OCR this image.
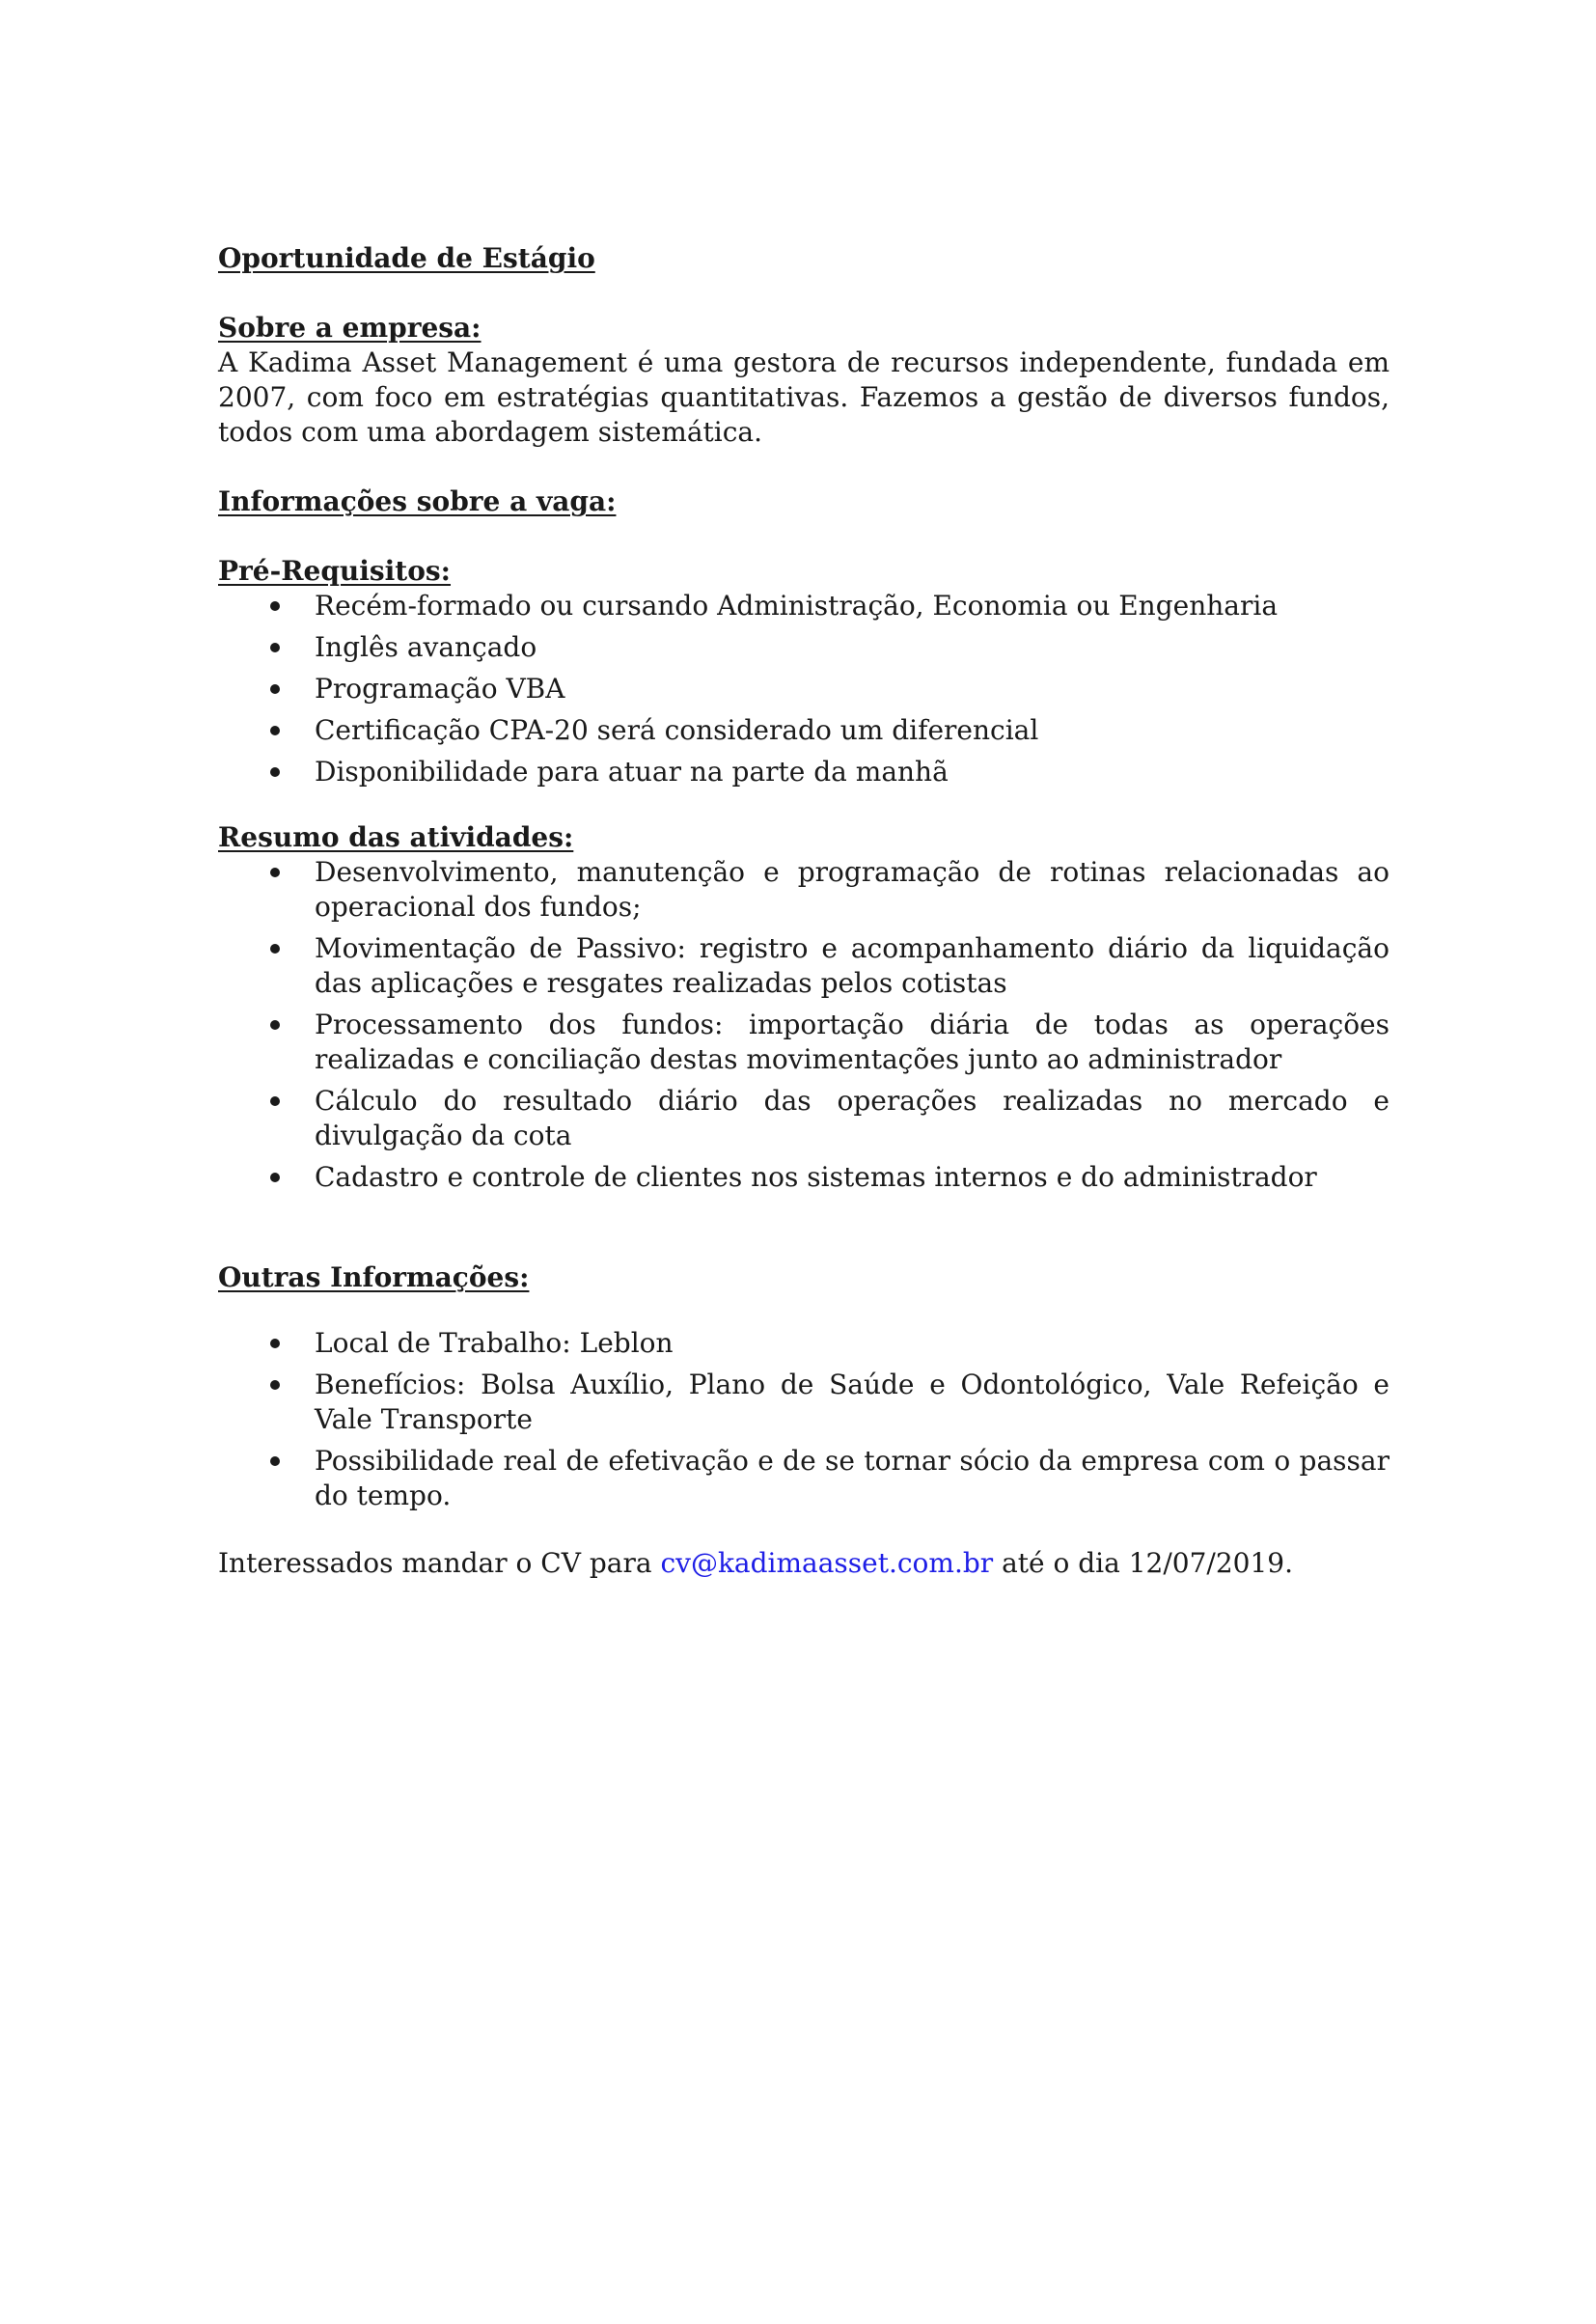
Oportunidade de Estágio

Sobre a empresa:

A Kadima Asset Management é uma gestora de recursos independente, fundada em 2007, com foco em estratégias quantitativas. Fazemos a gestão de diversos fundos, todos com uma abordagem sistemática.

Informações sobre a vaga:

Pré-Requisitos:

Recém-formado ou cursando Administração, Economia ou Engenharia
Inglês avançado
Programação VBA
Certificação CPA-20 será considerado um diferencial
Disponibilidade para atuar na parte da manhã

Resumo das atividades:

Desenvolvimento, manutenção e programação de rotinas relacionadas ao operacional dos fundos;
Movimentação de Passivo: registro e acompanhamento diário da liquidação das aplicações e resgates realizadas pelos cotistas
Processamento dos fundos: importação diária de todas as operações realizadas e conciliação destas movimentações junto ao administrador
Cálculo do resultado diário das operações realizadas no mercado e divulgação da cota
Cadastro e controle de clientes nos sistemas internos e do administrador

Outras Informações:

Local de Trabalho: Leblon
Benefícios: Bolsa Auxílio, Plano de Saúde e Odontológico, Vale Refeição e Vale Transporte
Possibilidade real de efetivação e de se tornar sócio da empresa com o passar do tempo.

Interessados mandar o CV para cv@kadimaasset.com.br até o dia 12/07/2019.
